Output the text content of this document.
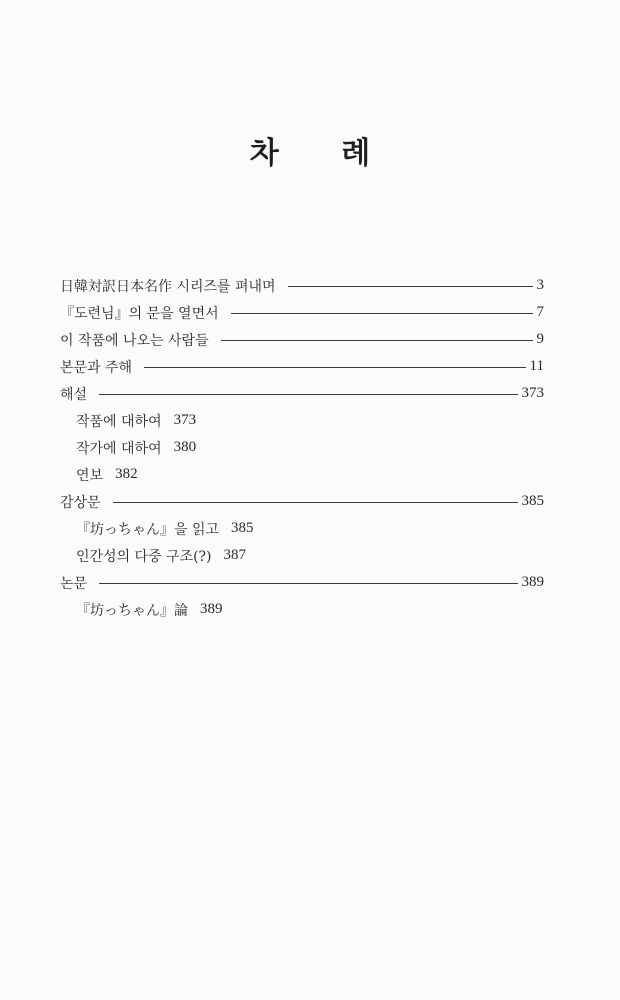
차 례
日韓対訳日本名作 시리즈를 펴내며	3
『도련님』의 문을 열면서	7
이 작품에 나오는 사람들	9
본문과 주해	11
해설	373
작품에 대하여 373
작가에 대하여 380
연보 382
감상문	385
『坊っちゃん』을 읽고 385
인간성의 다중 구조(?) 387
논문	389
『坊っちゃん』論 389
